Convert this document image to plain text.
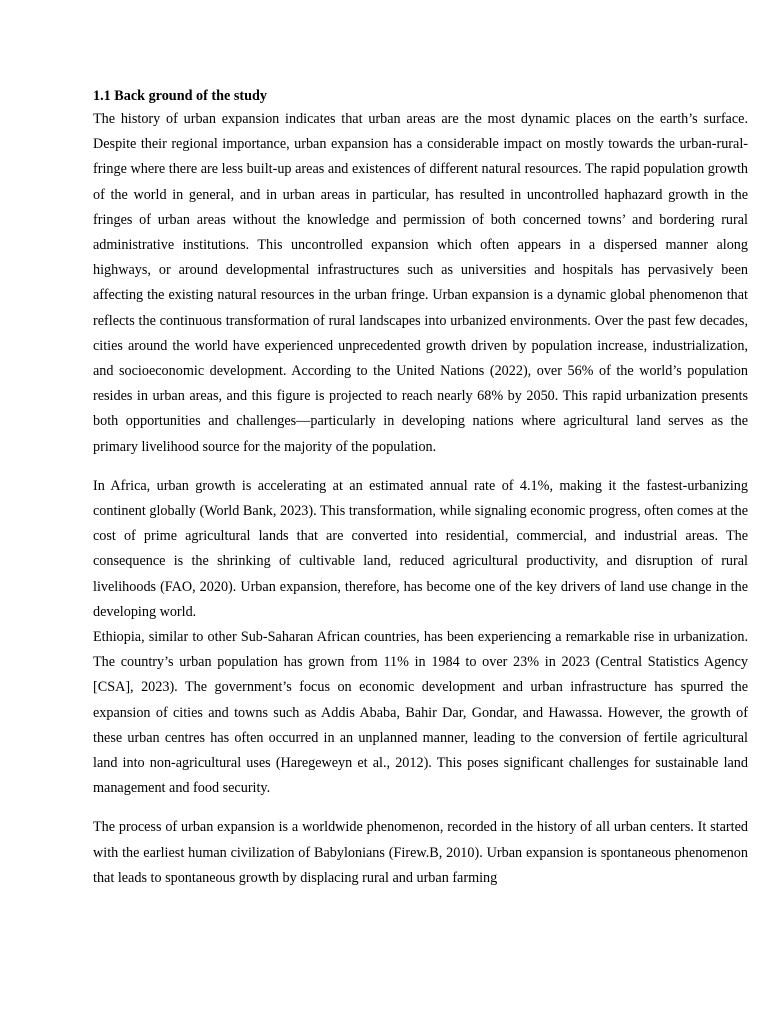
1.1 Back ground of the study

The history of urban expansion indicates that urban areas are the most dynamic places on the earth’s surface. Despite their regional importance, urban expansion has a considerable impact on mostly towards the urban-rural-fringe where there are less built-up areas and existences of different natural resources. The rapid population growth of the world in general, and in urban areas in particular, has resulted in uncontrolled haphazard growth in the fringes of urban areas without the knowledge and permission of both concerned towns’ and bordering rural administrative institutions. This uncontrolled expansion which often appears in a dispersed manner along highways, or around developmental infrastructures such as universities and hospitals has pervasively been affecting the existing natural resources in the urban fringe. Urban expansion is a dynamic global phenomenon that reflects the continuous transformation of rural landscapes into urbanized environments. Over the past few decades, cities around the world have experienced unprecedented growth driven by population increase, industrialization, and socioeconomic development. According to the United Nations (2022), over 56% of the world’s population resides in urban areas, and this figure is projected to reach nearly 68% by 2050. This rapid urbanization presents both opportunities and challenges—particularly in developing nations where agricultural land serves as the primary livelihood source for the majority of the population.

In Africa, urban growth is accelerating at an estimated annual rate of 4.1%, making it the fastest-urbanizing continent globally (World Bank, 2023). This transformation, while signaling economic progress, often comes at the cost of prime agricultural lands that are converted into residential, commercial, and industrial areas. The consequence is the shrinking of cultivable land, reduced agricultural productivity, and disruption of rural livelihoods (FAO, 2020). Urban expansion, therefore, has become one of the key drivers of land use change in the developing world.

Ethiopia, similar to other Sub-Saharan African countries, has been experiencing a remarkable rise in urbanization. The country’s urban population has grown from 11% in 1984 to over 23% in 2023 (Central Statistics Agency [CSA], 2023). The government’s focus on economic development and urban infrastructure has spurred the expansion of cities and towns such as Addis Ababa, Bahir Dar, Gondar, and Hawassa. However, the growth of these urban centres has often occurred in an unplanned manner, leading to the conversion of fertile agricultural land into non-agricultural uses (Haregeweyn et al., 2012). This poses significant challenges for sustainable land management and food security.

The process of urban expansion is a worldwide phenomenon, recorded in the history of all urban centers. It started with the earliest human civilization of Babylonians (Firew.B, 2010). Urban expansion is spontaneous phenomenon that leads to spontaneous growth by displacing rural and urban farming
